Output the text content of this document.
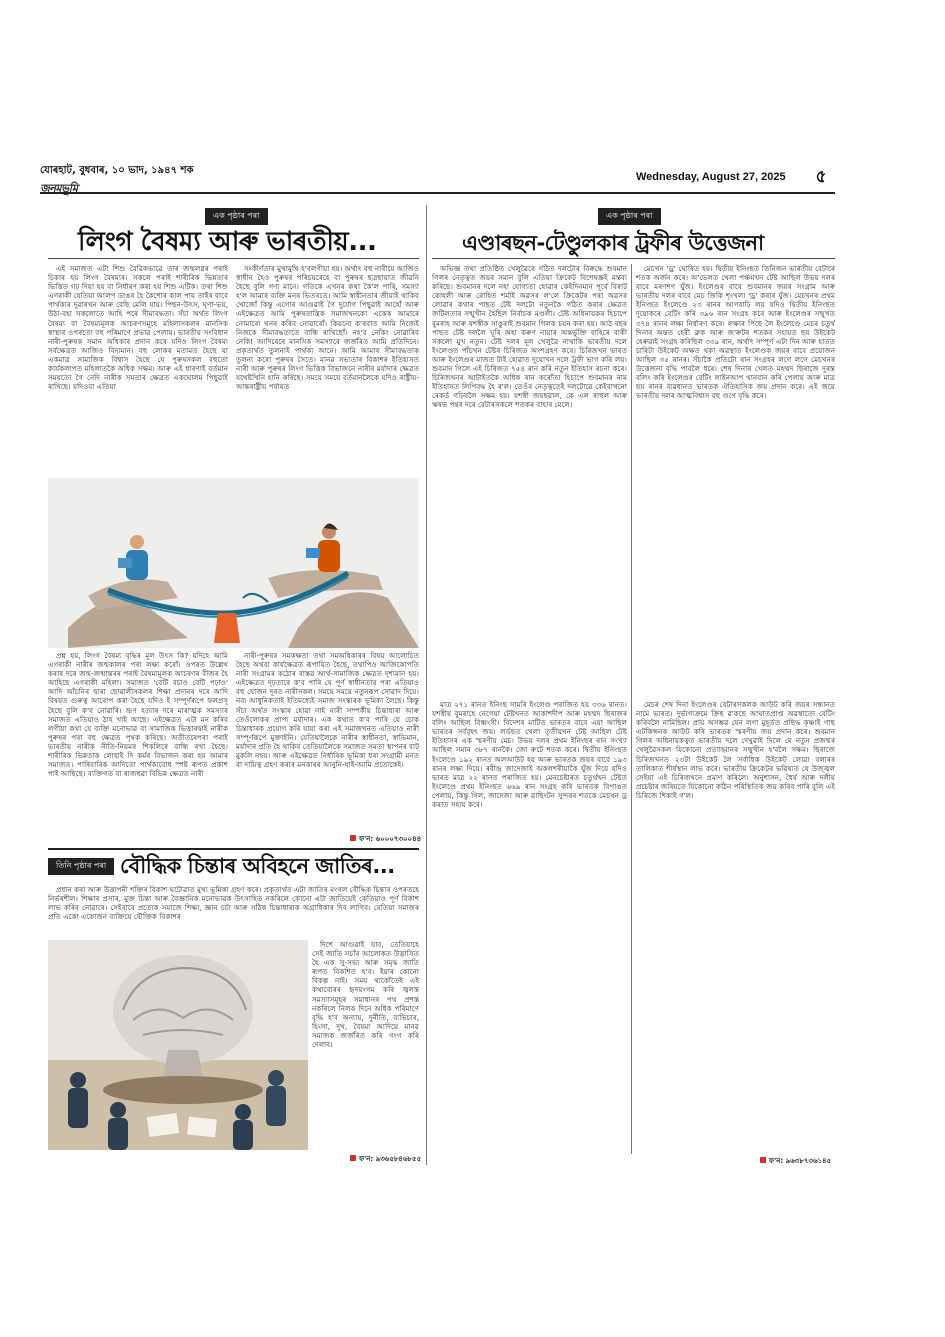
যোৰহাট, বুধবাৰ, ১০ ভাদ, ১৯৪৭ শক
জনমভূমি
Wednesday, August 27, 2025	৫
এক পৃষ্ঠাৰ পৰা
লিংগ বৈষম্য আৰু ভাৰতীয়...

এই সমাজত এটা শিশু বৈৱিকভাৱে তাৰ জন্মলগ্নৰ পৰাই চিকাৰ হয় লিংগ বৈষম্যৰ। সকলে পৰাই শাৰীৰিক ভিন্নতাৰ ভিত্তিত গঢ় দিয়া হয় বা নিৰ্ধাৰণ কৰা হয় শিশু এটিক। তথা শিশু এগৰাকী যেতিয়া আলপ ডাঙৰ হৈ কৈশোৰ কাল পায় তাইৰ বাবে পাৰ্থক্যৰ দুৱাৰখন আৰু বেছি মেলি যায়। পিছন-উৎস, ঘৃণা-ভয়, উঠা-বহা সকলোতে আহি পৰে সীমাবদ্ধতা। সঁচা অৰ্থত লিংগ বৈষম্য বা বৈষম্যমূলক আচৰণসমূহে মহিলাসকলৰ মানসিক স্বাস্থ্যৰ ওপৰতো বহু পৰিমাণে প্ৰভাৱ পেলায়। ভাৰতীয় সংবিধান নাৰী-পুৰুষক সমান অধিকাৰ প্ৰদান কৰে যদিও লিংগ বৈষম্য সৰ্বক্ষেত্ৰত আজিও বিদ্যমান। বহু লোকৰ মতামত হৈছে যা একমাত্ৰ সামাজিক বিশ্বাস হৈছে যে পুৰুষসকল বহুতো কাৰ্যকলাপত মহিলাতকৈ অধিক সক্ষম। আৰু এই ধাৰণাই বৰ্তমান সময়তো গৈ নেদি নাৰীক সমতাৰ ক্ষেত্ৰত একঘোলম পিছুৱাই ৰাখিছে। যদিওবা এতিয়া

সংকীৰ্ণতাৰ মুখামুখি হ'বলগীয়া হয়। অৰ্থাৎ বহু নাৰীয়ে আজিও স্বাধীন হৈও পুৰুষৰ পৰিচয়ৰেহে বা পুৰুষৰ ছত্ৰছায়াত জীৱনি হৈছে বুলি গণ্য মানে। গতিকে এখনৰ কথা কৈ'ল পাৰি, সমস্যা হ'ল আমাৰ ব্যক্তি মনৰ ভিতৰতে। আমি স্বাধীনতাৰ জীয়াই থাকিব খোজোঁ কিন্তু এগোৰ আগুৱাই গৈ দুৰ্যোগ পিছুৱাই আহোঁ আৰু এইক্ষেত্ৰত আমি পুৰুষতান্ত্ৰিক সমাজখনকো একেক আমাৰে নোমাৰো খনৰ কৰিব নোৱাৰোঁ। কিয়নো ক'ৰবাত আমি নিজেই নিজকে সীমাবদ্ধতাতে বান্ধি ৰাখিছোঁ। নহ'ব নেকি! নোৱাৰিব নেকি! আদিৰেৰে মানসিক সমস্যাৰে জৰ্জৰিত আমি প্ৰতিদিনে। প্ৰকৃতাৰ্থত তুলনাই পাৰ্থক্য আনে। আমি আমাৰ সীমাবদ্ধতাক তুলনা কৰো পুৰুষৰ সৈতে। মানৱ সভ্যতাৰ বিকাশৰ ইতিহাসত নাৰী আৰু পুৰুষৰ লিংগ ভিত্তিক বিভাজনে নাৰীৰ মৰ্যাদাৰ ক্ষেত্ৰত যথেষ্টখিনি হানি কৰিছে। সময়ে সময়ে বৰ্তমানলৈকে যদিও ৰাষ্ট্ৰীয়-আন্তৰাষ্ট্ৰীয় পৰ্যায়ত

প্ৰশ্ন হয়, লিংগ বৈষম্য বৃদ্ধিৰ মূল উৎস কি? যদিহে আমি এগৰাকী নাৰীৰ জন্মকালৰ পৰা লক্ষ্য কৰোঁ। ওপৰত উল্লেখ কৰাৰ দৰে জন্ম-জন্মান্তৰৰ পৰাই বৈষম্যমূলক আচৰণৰ বীজৰ হৈ আহিছে এগৰাকী মহিলা। সমাজত 'বেটি বচাও বেটি পঢ়াও' আদি আঁচনিৰ দ্বাৰা ছোৱালীসকলৰ শিক্ষা প্ৰদানৰ দৰে আদি বিষয়ত গুৰুত্ব আৰোপ কৰা হৈছে যদিও ই সম্পূৰ্ণৰূপে ফলপ্ৰসূ হৈছে বুলি ক'ব নোৱাৰি। ভ্ৰূণ হত্যাৰ দৰে মাৰাত্মক সমস্যাৰ সমাজত এতিয়াও ঠাহ খাই আছে। এইক্ষেত্ৰত এটা মন কৰিব লগীয়া কথা যে ব্যক্তি মনোভাৱ বা সামাজিক ভিত্তাৰদ্বাই নাৰীক পুৰুষৰ পৰা বহু ক্ষেত্ৰত পৃথক কৰিছে। অতীতৰেপৰা পৰাই ভাৰতীয় নাৰীক নীতি-নিয়মৰ শিকলিৰে বান্ধি ৰখা হৈছে। শাৰীৰিক ভিন্নতাক লোহাই দি কৰ্মৰ বিভাজন কৰা হয় আমাৰ সমাজত। পাৰিবাৰিক আদিতো পাৰ্থক্যবোধ স্পষ্ট ৰূপত প্ৰকাশ পাই আছিছে। ব্যক্তিগত বা ৰাজহুৱা বিভিন্ন ক্ষেত্ৰত নাৰী

নাৰী-পুৰুষৰ সমকক্ষতা তথা সমঅধিকাৰৰ বিষয় আলোচিত হৈছে অথবা কাৰ্যক্ষেত্ৰত ৰূপায়িত হৈছে, তথাপিও আজিকোপতি নাৰী সংগ্ৰামৰ কঠোৰ বাস্তৱ আৰ্থ-সামাজিক ক্ষেত্ৰত দৃশ্যমান হয়। এইক্ষেত্ৰত দৃঢ়তাৰে ক'ব পাৰি যে পূৰ্ণ স্বাধীনতাৰ পৰা এতিয়াও বহু যোজন দূৰত নাৰীসকল। সময়ে সময়ে নতুনৰূপ সোৱাদ দিয়ে। নব্য আধুনিকতাই ইতিমধ্যেই সমাজ সংস্কাৰক ভূমিকা লৈছে। কিন্তু সঁচা অৰ্থত সংস্কাৰ হোৱা নাই নাৰী সম্পৰ্কীয় চিন্তাধাৰা আৰু তেওঁলোকৰ প্ৰাপ্য মৰ্যাদাৰ। এক কথাত ক'ব পাৰি যে চোক চিন্তাধাৰক প্ৰয়োগ কৰি যায়া কৰা এই সমাজখনত এতিয়াও নাৰী সম্পূৰ্ণৰূপে মুক্তাইনি। যেতিয়ালৈকে নাৰীৰ স্বাধীনতা, স্বাভিমান, মৰ্যাদাৰ প্ৰতি হৈ থাকিব তেতিয়ালৈকে সমাজত সমতা স্থাপনৰ বাট মুকলি নহয়। আৰু এইক্ষেত্ৰত নিৰ্ধাৰিক ভূমিকা ধৰা সংগ্ৰামী মনত বা দায়িত্ব গ্ৰহণ কৰাৰ মনকাৰৰ আনুনি-যাই-আমি প্ৰত্যেকেই।

ফ'ন: ৬০০০৭৩০০৪৪
তিনি পৃষ্ঠাৰ পৰা বৌদ্ধিক চিন্তাৰ অবিহনে জাতিৰ...

প্ৰধান কৰা আৰু উত্তাপনী শক্তিৰ বিকাশ ঘটোৱাত মুখ্য ভূমিকা গ্ৰহণ কৰে। প্ৰকৃতাৰ্থত এটা জাতিৰ মংগল বৌদ্ধিক চিন্তাৰ ওপৰতহে নিৰ্ভৰশীল। শিক্ষাৰ প্ৰসাৰ, মুক্ত চিন্তা আৰু বৈজ্ঞানিক মনোভাৱক উৎসাহিত নকৰিলে কোনো এটা জাতিয়েই কেতিয়াও পূৰ্ণ বিকাশ লাভ কৰিব নোৱাৰে। সেইবাবে প্ৰত্যেক সমাজে শিক্ষা, জ্ঞান চৰ্চা আৰু সঠিক চিন্তাধাৰাক অগ্ৰাধিকাৰ দিব লাগিব। যেতিয়া সমাজৰ প্ৰতি একো একোজন ব্যক্তিয়ে যৌক্তিক বিকাশৰ

দিশে আগুৱাই যাব, তেতিয়াহে সেই জাতি সচাঁৰ আলোকত উদ্ভাসিত হৈ এক সু-সভ্য আৰু সমৃদ্ধ জাতি ৰূপত বিকশিত হ'ব। ইয়াৰ কোনো বিকল্প নাই। সময় থাকোঁতেই এই কথাবোৰৰ হৃদয়ংগম কৰি জ্বলন্ত সমস্যাসমূহৰ সমাধানৰ পথ প্ৰশস্ত নকৰিলে নিলক দিনে অধিক পৰিমাণে বৃদ্ধি হ'ব অন্যায়, দুৰ্নীতি, ব্যভিচাৰ, হিংসা, দুখ, বৈষম্য আদিয়ে মানৱ সমাজক জৰ্জৰিত কৰি গংগ কৰি দেলাব।

ফ'ন: ৯৩৬৫৮৪৬৮৫৫
এক পৃষ্ঠাৰ পৰা
এণ্ডাৰছন-টেণ্ডুলকাৰ ট্ৰফীৰ উত্তেজনা

অভিজ্ঞ তথা প্ৰতিষ্ঠিত খেলুৱৈৰে গঠিত দলটোৰ বিৰুদ্ধে শুবমান গিলৰ নেতৃত্বত জয়ৰ সমান বুলি এতিয়া ক্ৰিকেট বিশেষজ্ঞই মন্তব্য কৰিছে। শুবমানৰ দলে নহা যোগ্যতা হোৱাৰ কেইদিনমান পূৰ্বে বিৰাট কোহলী আৰু ৰোহিত শৰ্মাই অৱসৰ ল'লে ক্ৰিকেটৰ পৰা অৱসৰ লোৱাৰ কথাৰ পাছত টেষ্ট দলটো নতুনকৈ গঠিত কৰাৰ ক্ষেত্ৰত জটিলতাৰ সন্মুখীন হৈছিল নিৰ্বাচক মণ্ডলী। টেষ্ট অধিনায়কৰ হিচাপে বুমৰাহ আৰু যশস্বীক সাঙুৰাই শুবমান গিলক চয়ন কৰা হয়। আঠ বছৰ পাছত টেষ্ট দললৈ ঘূৰি অহা কৰুণ নায়াৰ অন্তৰ্ভুক্তি বাহিৰে বাকী সকলো মুখ নতুন। টেষ্ট দলৰ মূল খেলুৱৈ নাথাকি ভাৰতীয় দলে ইংলেণ্ডত পাঁচখন টেষ্টৰ চিৰিজত অংশগ্ৰহণ কৰে। চিৰিজখন ভাৰত আৰু ইংলেণ্ডৰ মাজত টাই হোৱাত দুয়োখন দলে ট্ৰফী ভাগ কৰি লয়। শুবমান গিলে এই চিৰিজত ৭৫৪ ৰান কৰি নতুন ইতিহাস ৰচনা কৰে। চিৰিজখনৰ আটাইতকৈ অধিক ৰান কৰোঁতা হিচাপে শুবমানৰ নাম ইতিহাসত লিপিবদ্ধ হৈ ৰ'ল। তেওঁৰ নেতৃত্বতেই দলটোৱে কেইবাখনো ৰেকৰ্ড গঢ়িবলৈ সক্ষম হয়। যশস্বী জয়ছৱাল, কে এল ৰাহুল আৰু ঋষভ পন্থৰ দৰে বেটাৰসকলে শতকৰ বাহাৰ মেলে।

মেচখন 'ড্ৰ' ঘোষিত হয়। দ্বিতীয় ইনিংছত তিনিজন ভাৰতীয় বেটাৰে শতক অৰ্জন কৰে। অ'ভেলত খেলা পঞ্চমখন টেষ্ট আছিল উভয় দলৰ বাবে মৰণশণ যুঁজ। ইংলেণ্ডৰ বাবে শুবমানৰ জয়ৰ সংগ্ৰাম আৰু ভাৰতীয় দলৰ বাবে মেচ জিকি শৃংখলা 'ড্ৰ' কৰাৰ যুঁজ। মেচখনৰ প্ৰথম ইনিংছত ইংলেণ্ডে ২৩ ৰানৰ আগবাঢ়ি লয় যদিও দ্বিতীয় ইনিংছত দুয়োকৰে বেটিং কৰি ৩৯৬ ৰান সংগ্ৰহ কৰে আৰু ইংলেণ্ডৰ সন্মুখত ৩৭৪ ৰানৰ লক্ষ্য নিৰ্ধাৰণ কৰে। লক্ষ্যৰ পিছে লৈ ইংলেণ্ডে মেচৰ চতুৰ্থ দিনাৰ অন্তত হেৰী ব্ৰুক আৰু জ'ৰুটৰ শতকৰ সহায়ত ছয় উইকেট হেৰুৱাই সংগ্ৰহ কৰিছিল ৩৩৯ ৰান, অৰ্থাৎ সম্পূৰ্ণ এটা দিন আৰু হাতত চাৰিটা উইকেট অক্ষত থকা অৱস্থাত ইংলেণ্ডক জয়ৰ বাবে প্ৰয়োজন আছিল ৩৫ ৰানৰ। সঁচাকৈ প্ৰতিটো ৰান সংগ্ৰহৰ লগে লগে মেচখনৰ উত্তেজনা বৃদ্ধি পাবলৈ ধৰে। শেষ দিনাৰ খেলত মহম্মদ ছিৰাজে দুৰন্ত বলিং কৰি ইংলেণ্ডৰ বেটিং লাইনআপ থানবান কৰি পেলায় আৰু মাত্ৰ ছয় ৰানৰ ব্যৱধানত ভাৰতক ঐতিহাসিক জয় প্ৰদান কৰে। এই জয়ে ভাৰতীয় দলৰ আত্মবিশ্বাস বহু গুণে বৃদ্ধি কৰে।

মাত্ৰ ২৭১ ৰানত ইনিংছ সামৰি ইংলেণ্ড পৰাজিত হয় ৩৩৬ ৰানত। যশস্বীয় বুমৰাহে নেগেয়া টেষ্টখনত আকাশদীপ আৰু মহম্মদ ছিৰাজৰ বলিং আছিল বিধ্বংসী। বিদেশৰ মাটিত ভাৰতৰ বাবে এয়া আছিল ভাৰতৰ সৰ্ববৃহৎ জয়। লৰ্ডছত খেলা তৃতীয়খন টেষ্ট আছিল টেষ্ট ইতিহাসৰ এক স্মৰণীয় মেচ। উভয় দলৰ প্ৰথম ইনিংছৰ ৰান সংখ্যা আছিল সমান ৩৮৭ ৰানকৈ। জো ৰুটে শতক কৰে। দ্বিতীয় ইনিংছত ইংলেণ্ডে ১৯২ ৰানত অলআউট হয় আৰু ভাৰতক জয়ৰ বাবে ১৯৩ ৰানৰ লক্ষ্য দিয়ে। ৰবীন্দ্ৰ জাদেজাই অকলশৰীয়াকৈ যুঁজ দিয়ে যদিও ভাৰত মাত্ৰ ২২ ৰানত পৰাজিত হয়। মেনচেষ্টাৰত চতুৰ্থখন টেষ্টত ইংলেণ্ডে প্ৰথম ইনিংছত ৬৬৯ ৰান সংগ্ৰহ কৰি ভাৰতক বিপাঙত পেলায়, কিন্তু গিল, জাদেজা আৰু ৱাছিংটন সুন্দৰৰ শতকে মেচখন ড্ৰ কৰাত সহায় কৰে।

মেচৰ শেষ দিনা ইংলেণ্ডৰ বেটাৰসকলক আউট কৰি জয়ৰ সন্ধানত নামে ভাৰত। দুৰ্ভাগ্যক্ৰমে ক্ৰিছ ৱ'কছে আঘাতপ্ৰাপ্ত অৱস্থাতো বেটিং কৰিবলৈ নামিছিল। প্ৰায় অসম্ভৱ যেন লগা মুহূৰ্তত প্ৰছিদ্ধ কৃষ্ণাই গাছ এটকিন্সনক আউট কৰি ভাৰতক স্মৰণীয় জয় প্ৰদান কৰে। শুবমান গিলৰ অধিনায়কত্বত ভাৰতীয় দলে দেখুৱাই দিলে যে নতুন প্ৰজন্মৰ খেলুৱৈসকল যিকোনো প্ৰত্যাহ্বানৰ সন্মুখীন হ'বলৈ সক্ষম। ছিৰাজে চিৰিজখনত ২৩টা উইকেট লৈ সৰ্বাধিক উইকেট লোৱা বলাৰৰ তালিকাত শীৰ্ষস্থান লাভ কৰে। ভাৰতীয় ক্ৰিকেটৰ ভৱিষ্যত যে উজ্জ্বল সেইয়া এই চিৰিজখনে প্ৰমাণ কৰিলে। অনুশাসন, ধৈৰ্য আৰু দলীয় প্ৰচেষ্টাৰ জৰিয়তে যিকোনো কঠিন পৰিস্থিতিক জয় কৰিব পাৰি বুলি এই চিৰিজে শিকাই গ'ল।

ফ'ন: ৯৬৩৮৭৩৬১৪৫
